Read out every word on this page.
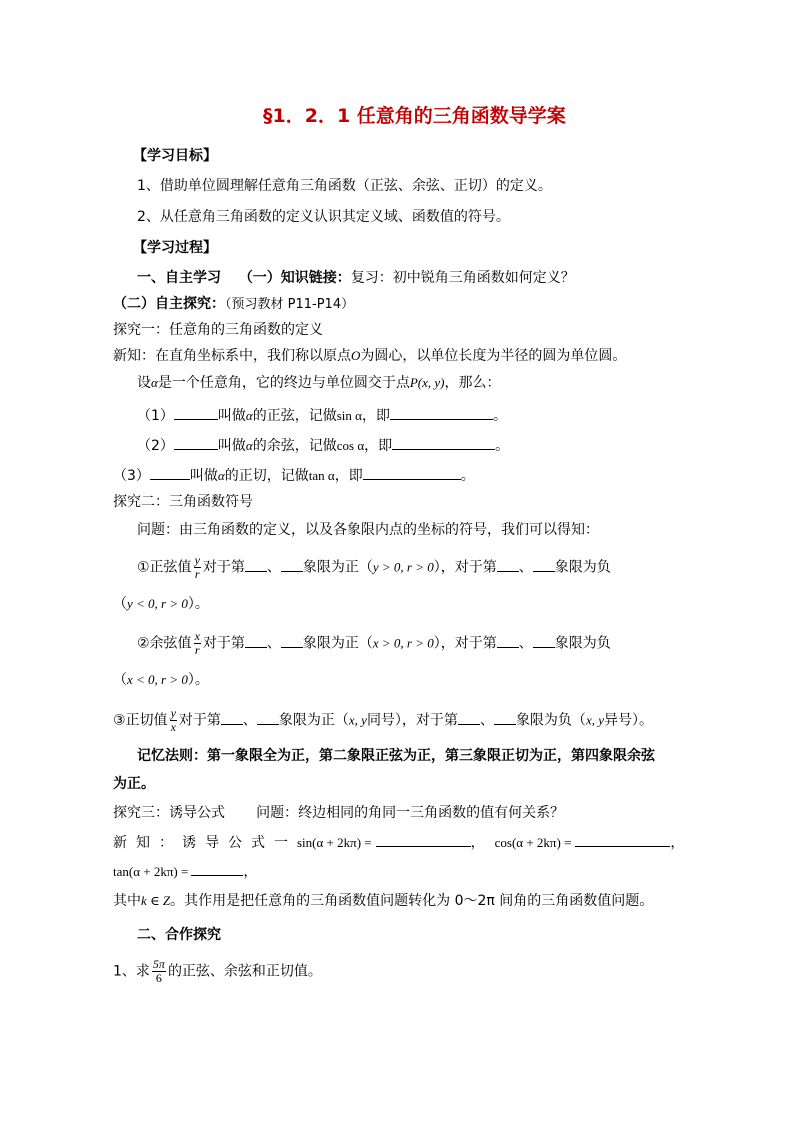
§1．2．1 任意角的三角函数导学案
【学习目标】
1、借助单位圆理解任意角三角函数（正弦、余弦、正切）的定义。
2、从任意角三角函数的定义认识其定义域、函数值的符号。
【学习过程】
一、自主学习 （一）知识链接：复习：初中锐角三角函数如何定义？
（二）自主探究：（预习教材 P11-P14）
探究一：任意角的三角函数的定义
新知：在直角坐标系中，我们称以原点O为圆心，以单位长度为半径的圆为单位圆。
设α是一个任意角，它的终边与单位圆交于点P(x, y)，那么：
（1）	叫做α的正弦，记做sin α，即	。
（2）	叫做α的余弦，记做cos α，即	。
（3）	叫做α的正切，记做tan α，即	。
探究二：三角函数符号
问题：由三角函数的定义，以及各象限内点的坐标的符号，我们可以得知：
①正弦值 $\frac{y}{r}$ 对于第 、 象限为正（y > 0, r > 0），对于第 、 象限为负
（y < 0, r > 0）。
②余弦值 $\frac{x}{r}$ 对于第 、 象限为正（x > 0, r > 0），对于第 、 象限为负
（x < 0, r > 0）。
③正切值 $\frac{y}{x}$ 对于第 、 象限为正（x, y同号），对于第 、 象限为负（x, y异号）。
记忆法则：第一象限全为正，第二象限正弦为正，第三象限正切为正，第四象限余弦
为正。
探究三：诱导公式 问题：终边相同的角同一三角函数的值有何关系？
新知：诱导公式一sin(α + 2kπ) =	， cos(α + 2kπ) =	，
tan(α + 2kπ) =	，
其中k ∈ Z。其作用是把任意角的三角函数值问题转化为 0～2π 间角的三角函数值问题。
二、合作探究
1、求 $\frac{5\pi}{6}$ 的正弦、余弦和正切值。
